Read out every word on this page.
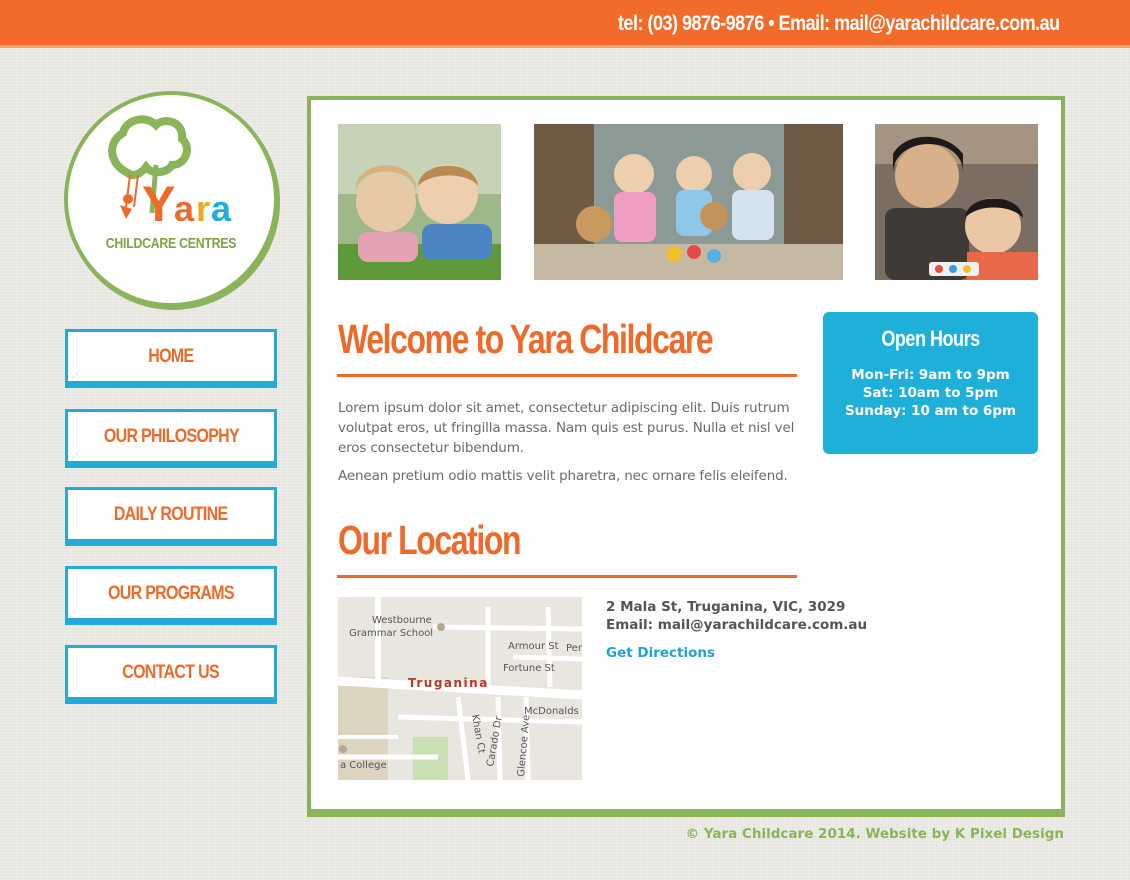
tel: (03) 9876-9876 • Email: mail@yarachildcare.com.au
Y
a r a
CHILDCARE CENTRES
HOME
OUR PHILOSOPHY
DAILY ROUTINE
OUR PROGRAMS
CONTACT US
Welcome to Yara Childcare
Lorem ipsum dolor sit amet, consectetur adipiscing elit. Duis rutrum volutpat eros, ut fringilla massa. Nam quis est purus. Nulla et nisl vel eros consectetur bibendum.
Aenean pretium odio mattis velit pharetra, nec ornare felis eleifend.
Open Hours
Mon-Fri: 9am to 9pm
Sat: 10am to 5pm
Sunday: 10 am to 6pm
Our Location
Westbourne
Grammar School
Armour St Per
Fortune St
McDonalds
a College
Khan Ct
Carado Dr Glencoe Ave
Truganina
2 Mala St, Truganina, VIC, 3029
Email: mail@yarachildcare.com.au
Get Directions
© Yara Childcare 2014. Website by K Pixel Design
